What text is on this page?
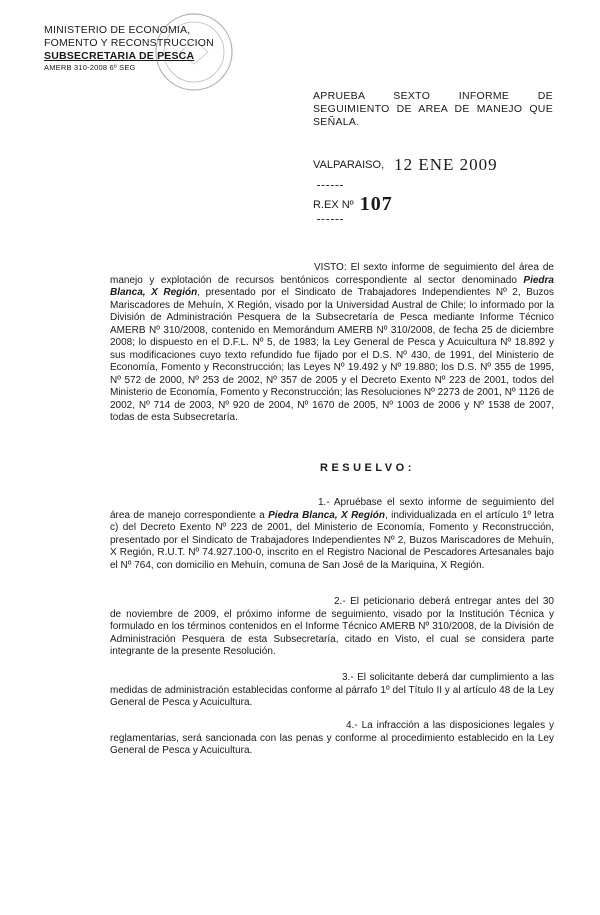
MINISTERIO DE ECONOMIA,
FOMENTO Y RECONSTRUCCION
SUBSECRETARIA DE PESCA
AMERB 310-2008 6º SEG
APRUEBA SEXTO INFORME DE SEGUIMIENTO DE AREA DE MANEJO QUE SEÑALA.
VALPARAISO, 12 ENE 2009
R.EX Nº 107
VISTO: El sexto informe de seguimiento del área de manejo y explotación de recursos bentónicos correspondiente al sector denominado Piedra Blanca, X Región, presentado por el Sindicato de Trabajadores Independientes Nº 2, Buzos Mariscadores de Mehuín, X Región, visado por la Universidad Austral de Chile; lo informado por la División de Administración Pesquera de la Subsecretaría de Pesca mediante Informe Técnico AMERB Nº 310/2008, contenido en Memorándum AMERB Nº 310/2008, de fecha 25 de diciembre 2008; lo dispuesto en el D.F.L. Nº 5, de 1983; la Ley General de Pesca y Acuicultura Nº 18.892 y sus modificaciones cuyo texto refundido fue fijado por el D.S. Nº 430, de 1991, del Ministerio de Economía, Fomento y Reconstrucción; las Leyes Nº 19.492 y Nº 19.880; los D.S. Nº 355 de 1995, Nº 572 de 2000, Nº 253 de 2002, Nº 357 de 2005 y el Decreto Exento Nº 223 de 2001, todos del Ministerio de Economía, Fomento y Reconstrucción; las Resoluciones Nº 2273 de 2001, Nº 1126 de 2002, Nº 714 de 2003, Nº 920 de 2004, Nº 1670 de 2005, Nº 1003 de 2006 y Nº 1538 de 2007, todas de esta Subsecretaría.
RESUELVO:
1.- Apruébase el sexto informe de seguimiento del área de manejo correspondiente a Piedra Blanca, X Región, individualizada en el artículo 1º letra c) del Decreto Exento Nº 223 de 2001, del Ministerio de Economía, Fomento y Reconstrucción, presentado por el Sindicato de Trabajadores Independientes Nº 2, Buzos Mariscadores de Mehuín, X Región, R.U.T. Nº 74.927.100-0, inscrito en el Registro Nacional de Pescadores Artesanales bajo el Nº 764, con domicilio en Mehuín, comuna de San José de la Mariquina, X Región.
2.- El peticionario deberá entregar antes del 30 de noviembre de 2009, el próximo informe de seguimiento, visado por la Institución Técnica y formulado en los términos contenidos en el Informe Técnico AMERB Nº 310/2008, de la División de Administración Pesquera de esta Subsecretaría, citado en Visto, el cual se considera parte integrante de la presente Resolución.
3.- El solicitante deberá dar cumplimiento a las medidas de administración establecidas conforme al párrafo 1º del Título II y al artículo 48 de la Ley General de Pesca y Acuicultura.
4.- La infracción a las disposiciones legales y reglamentarias, será sancionada con las penas y conforme al procedimiento establecido en la Ley General de Pesca y Acuicultura.
